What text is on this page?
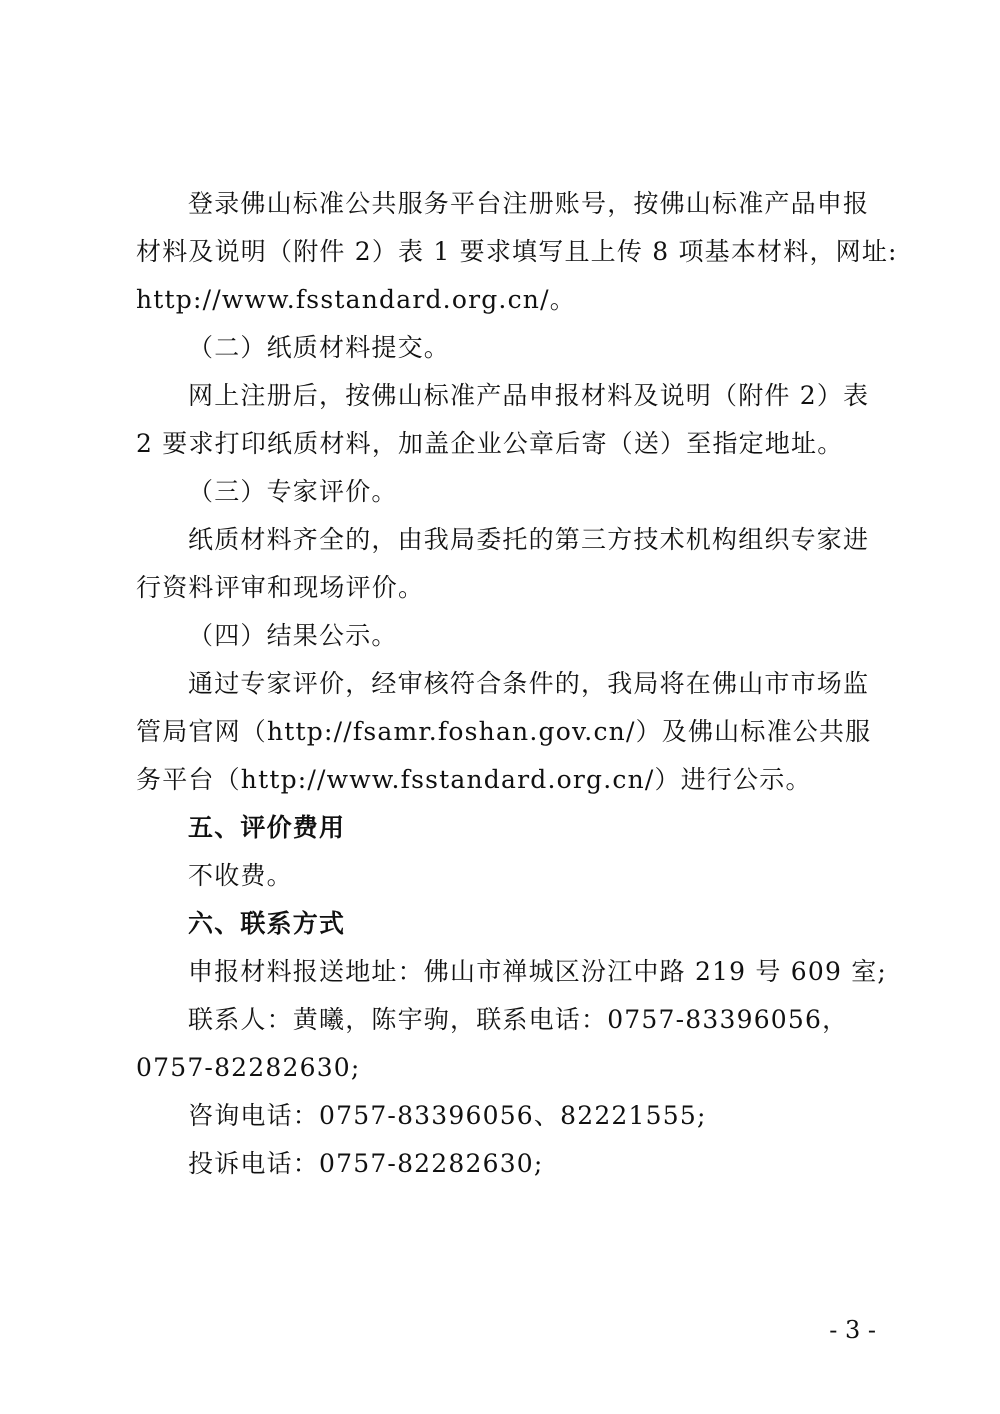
登录佛山标准公共服务平台注册账号，按佛山标准产品申报
材料及说明（附件 2）表 1 要求填写且上传 8 项基本材料，网址:
http://www.fsstandard.org.cn/。
（二）纸质材料提交。
网上注册后，按佛山标准产品申报材料及说明（附件 2）表
2 要求打印纸质材料，加盖企业公章后寄（送）至指定地址。
（三）专家评价。
纸质材料齐全的，由我局委托的第三方技术机构组织专家进
行资料评审和现场评价。
（四）结果公示。
通过专家评价，经审核符合条件的，我局将在佛山市市场监
管局官网（http://fsamr.foshan.gov.cn/）及佛山标准公共服
务平台（http://www.fsstandard.org.cn/）进行公示。
五、评价费用
不收费。
六、联系方式
申报材料报送地址：佛山市禅城区汾江中路 219 号 609 室;
联系人：黄曦，陈宇驹，联系电话：0757-83396056，
0757-82282630;
咨询电话：0757-83396056、82221555;
投诉电话：0757-82282630;
- 3 -
